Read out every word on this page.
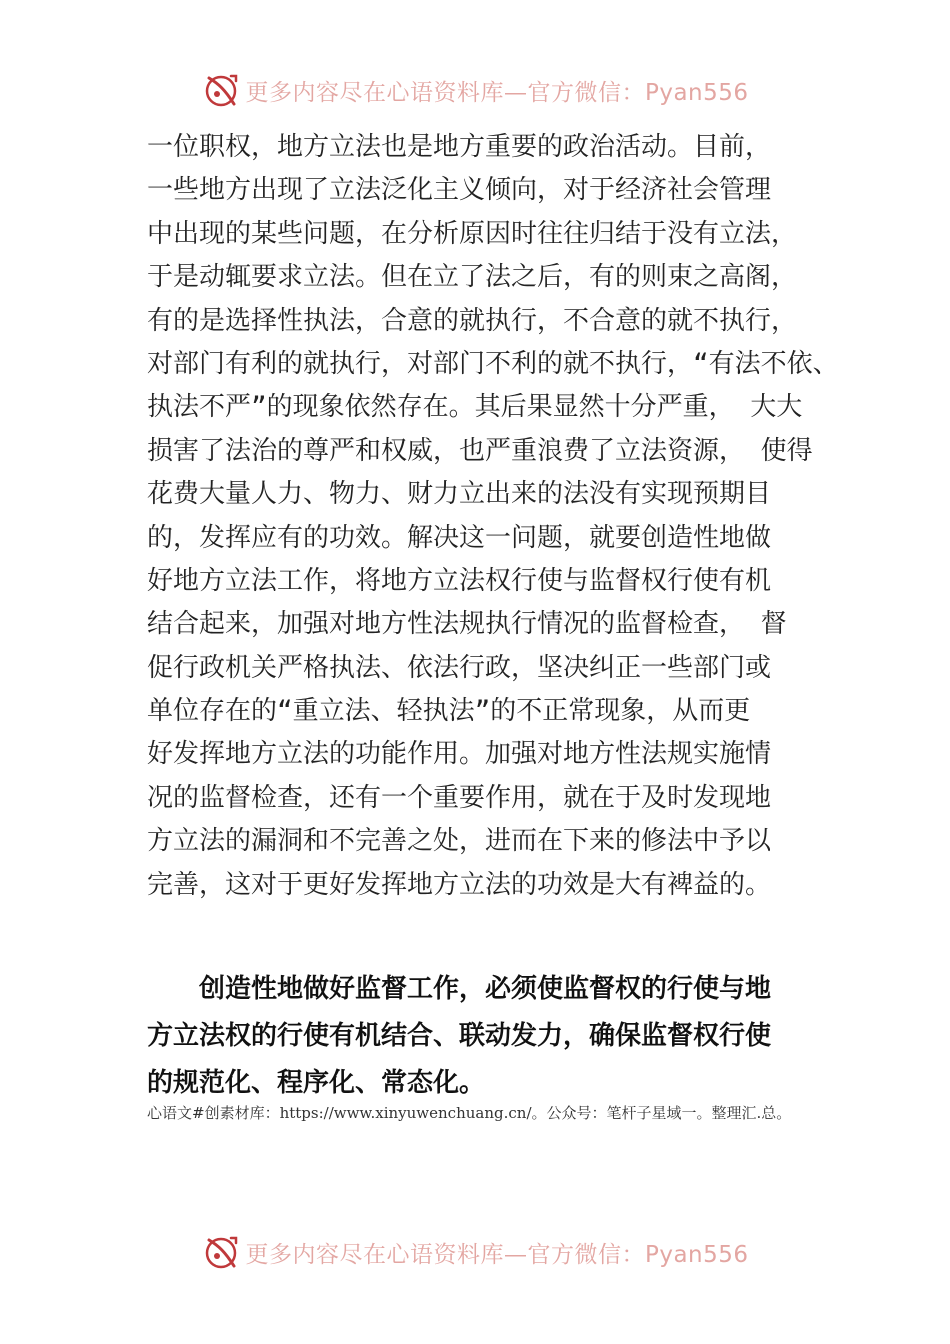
更多内容尽在心语资料库—官方微信：Pyan556
一位职权，地方立法也是地方重要的政治活动。目前，
一些地方出现了立法泛化主义倾向，对于经济社会管理
中出现的某些问题，在分析原因时往往归结于没有立法，
于是动辄要求立法。但在立了法之后，有的则束之高阁，
有的是选择性执法，合意的就执行，不合意的就不执行，
对部门有利的就执行，对部门不利的就不执行，“有法不依、
执法不严”的现象依然存在。其后果显然十分严重， 大大
损害了法治的尊严和权威，也严重浪费了立法资源， 使得
花费大量人力、物力、财力立出来的法没有实现预期目
的，发挥应有的功效。解决这一问题，就要创造性地做
好地方立法工作，将地方立法权行使与监督权行使有机
结合起来，加强对地方性法规执行情况的监督检查， 督
促行政机关严格执法、依法行政，坚决纠正一些部门或
单位存在的“重立法、轻执法”的不正常现象，从而更
好发挥地方立法的功能作用。加强对地方性法规实施情
况的监督检查，还有一个重要作用，就在于及时发现地
方立法的漏洞和不完善之处，进而在下来的修法中予以
完善，这对于更好发挥地方立法的功效是大有裨益的。
创造性地做好监督工作，必须使监督权的行使与地
方立法权的行使有机结合、联动发力，确保监督权行使
的规范化、程序化、常态化。
心语文#创素材库：https://www.xinyuwenchuang.cn/。公众号：笔杆子星域一。整理汇.总。
更多内容尽在心语资料库—官方微信：Pyan556
